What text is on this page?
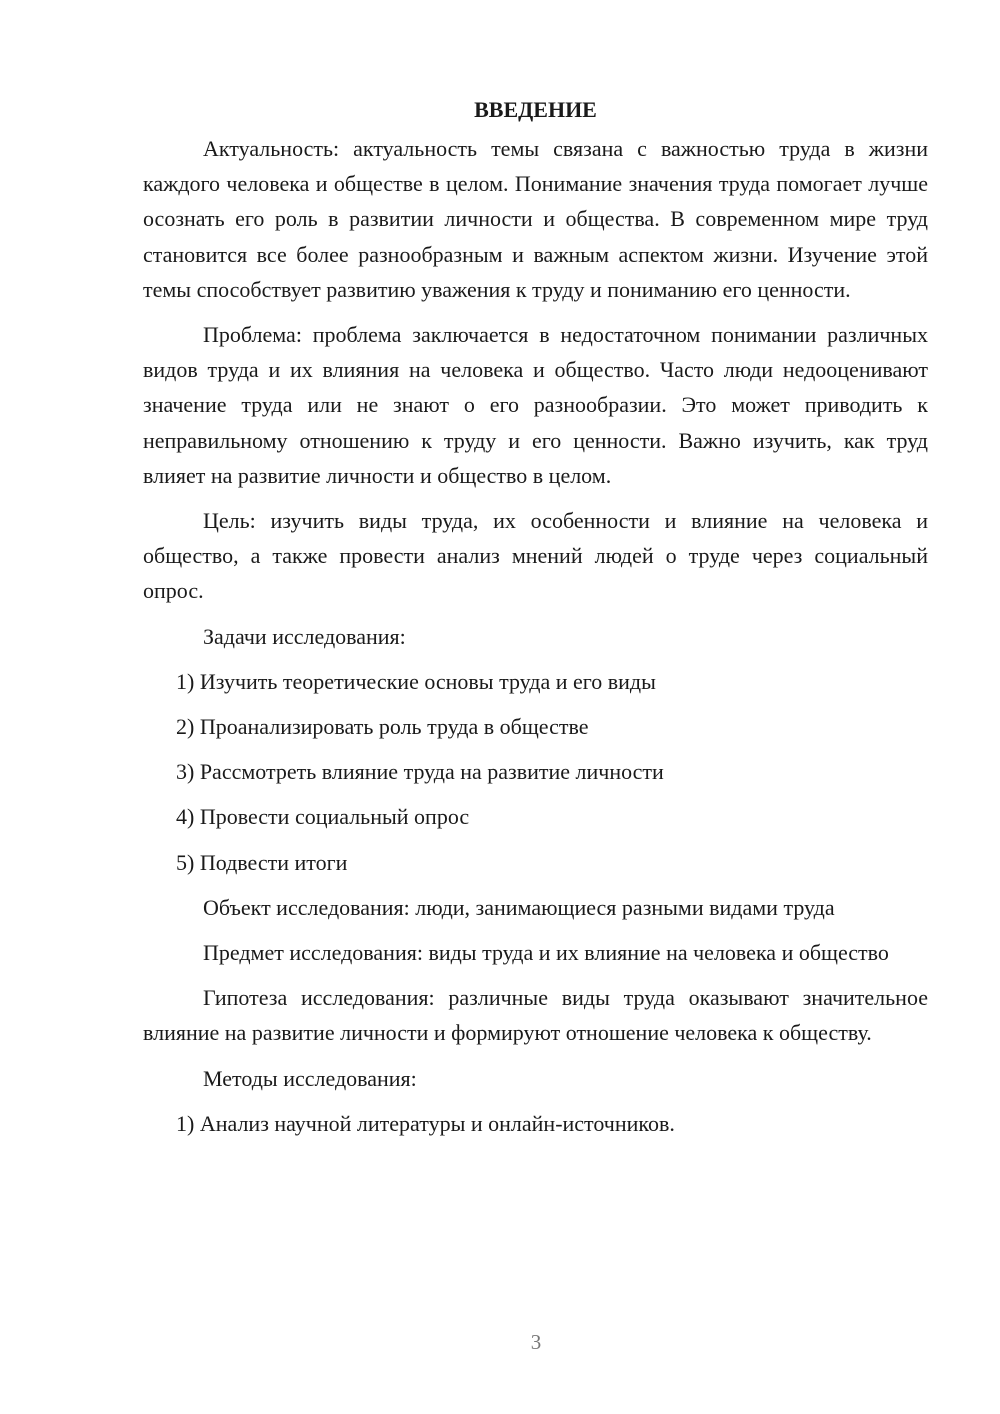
ВВЕДЕНИЕ

Актуальность: актуальность темы связана с важностью труда в жизни каждого человека и обществе в целом. Понимание значения труда помогает лучше осознать его роль в развитии личности и общества. В современном мире труд становится все более разнообразным и важным аспектом жизни. Изучение этой темы способствует развитию уважения к труду и пониманию его ценности.

Проблема: проблема заключается в недостаточном понимании различных видов труда и их влияния на человека и общество. Часто люди недооценивают значение труда или не знают о его разнообразии. Это может приводить к неправильному отношению к труду и его ценности. Важно изучить, как труд влияет на развитие личности и общество в целом.

Цель: изучить виды труда, их особенности и влияние на человека и общество, а также провести анализ мнений людей о труде через социальный опрос.

Задачи исследования:

1) Изучить теоретические основы труда и его виды

2) Проанализировать роль труда в обществе

3) Рассмотреть влияние труда на развитие личности

4) Провести социальный опрос

5) Подвести итоги

Объект исследования: люди, занимающиеся разными видами труда

Предмет исследования: виды труда и их влияние на человека и общество

Гипотеза исследования: различные виды труда оказывают значительное влияние на развитие личности и формируют отношение человека к обществу.

Методы исследования:

1) Анализ научной литературы и онлайн-источников.

3
